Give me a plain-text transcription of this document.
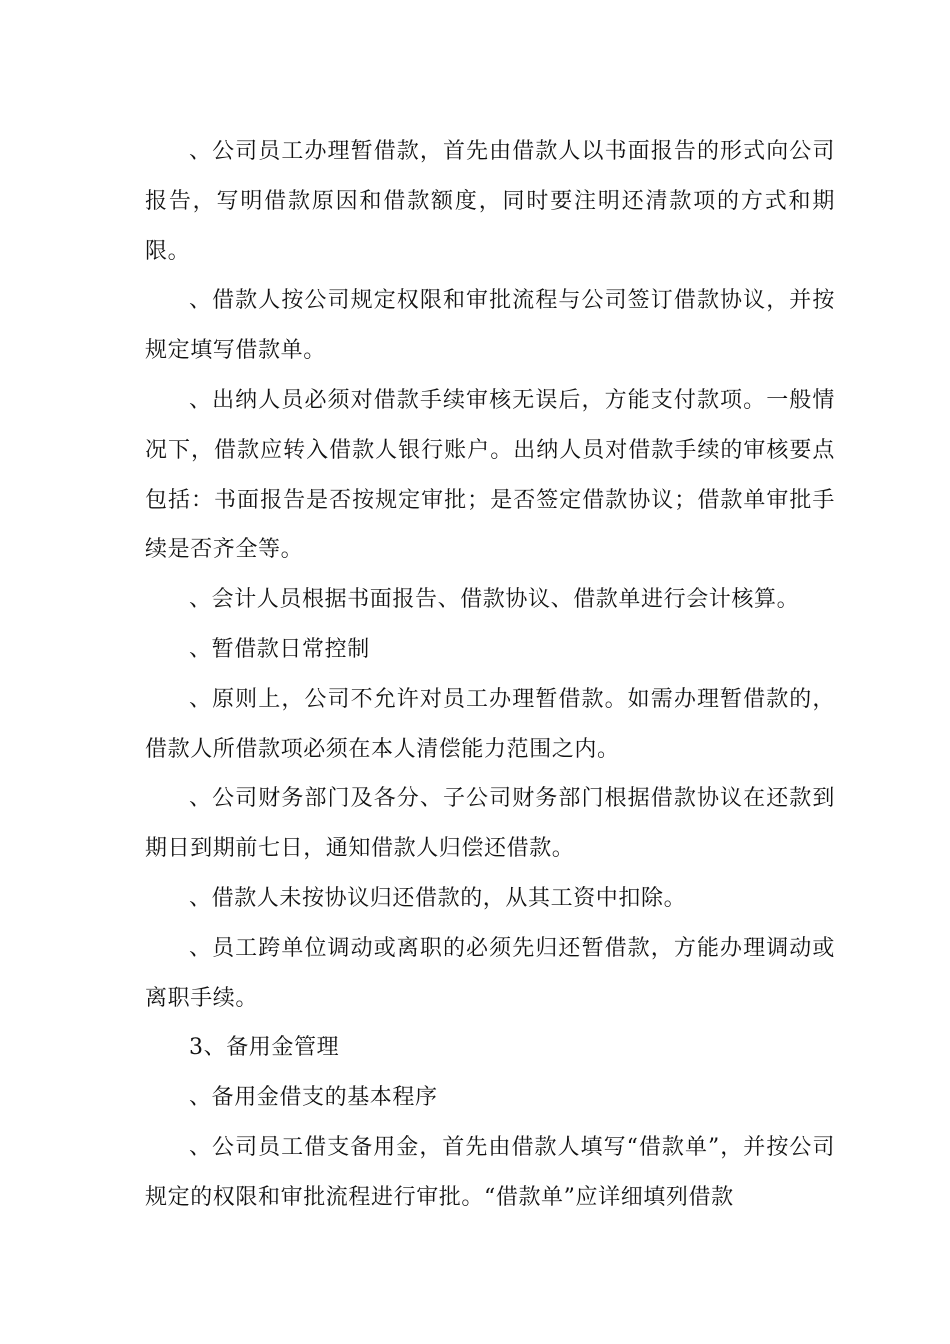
、公司员工办理暂借款，首先由借款人以书面报告的形式向公司报告，写明借款原因和借款额度，同时要注明还清款项的方式和期限。

、借款人按公司规定权限和审批流程与公司签订借款协议，并按规定填写借款单。

、出纳人员必须对借款手续审核无误后，方能支付款项。一般情况下，借款应转入借款人银行账户。出纳人员对借款手续的审核要点包括：书面报告是否按规定审批；是否签定借款协议；借款单审批手续是否齐全等。

、会计人员根据书面报告、借款协议、借款单进行会计核算。

、暂借款日常控制

、原则上，公司不允许对员工办理暂借款。如需办理暂借款的，借款人所借款项必须在本人清偿能力范围之内。

、公司财务部门及各分、子公司财务部门根据借款协议在还款到期日到期前七日，通知借款人归偿还借款。

、借款人未按协议归还借款的，从其工资中扣除。

、员工跨单位调动或离职的必须先归还暂借款，方能办理调动或离职手续。

3、备用金管理

、备用金借支的基本程序

、公司员工借支备用金，首先由借款人填写“借款单”，并按公司规定的权限和审批流程进行审批。“借款单”应详细填列借款
